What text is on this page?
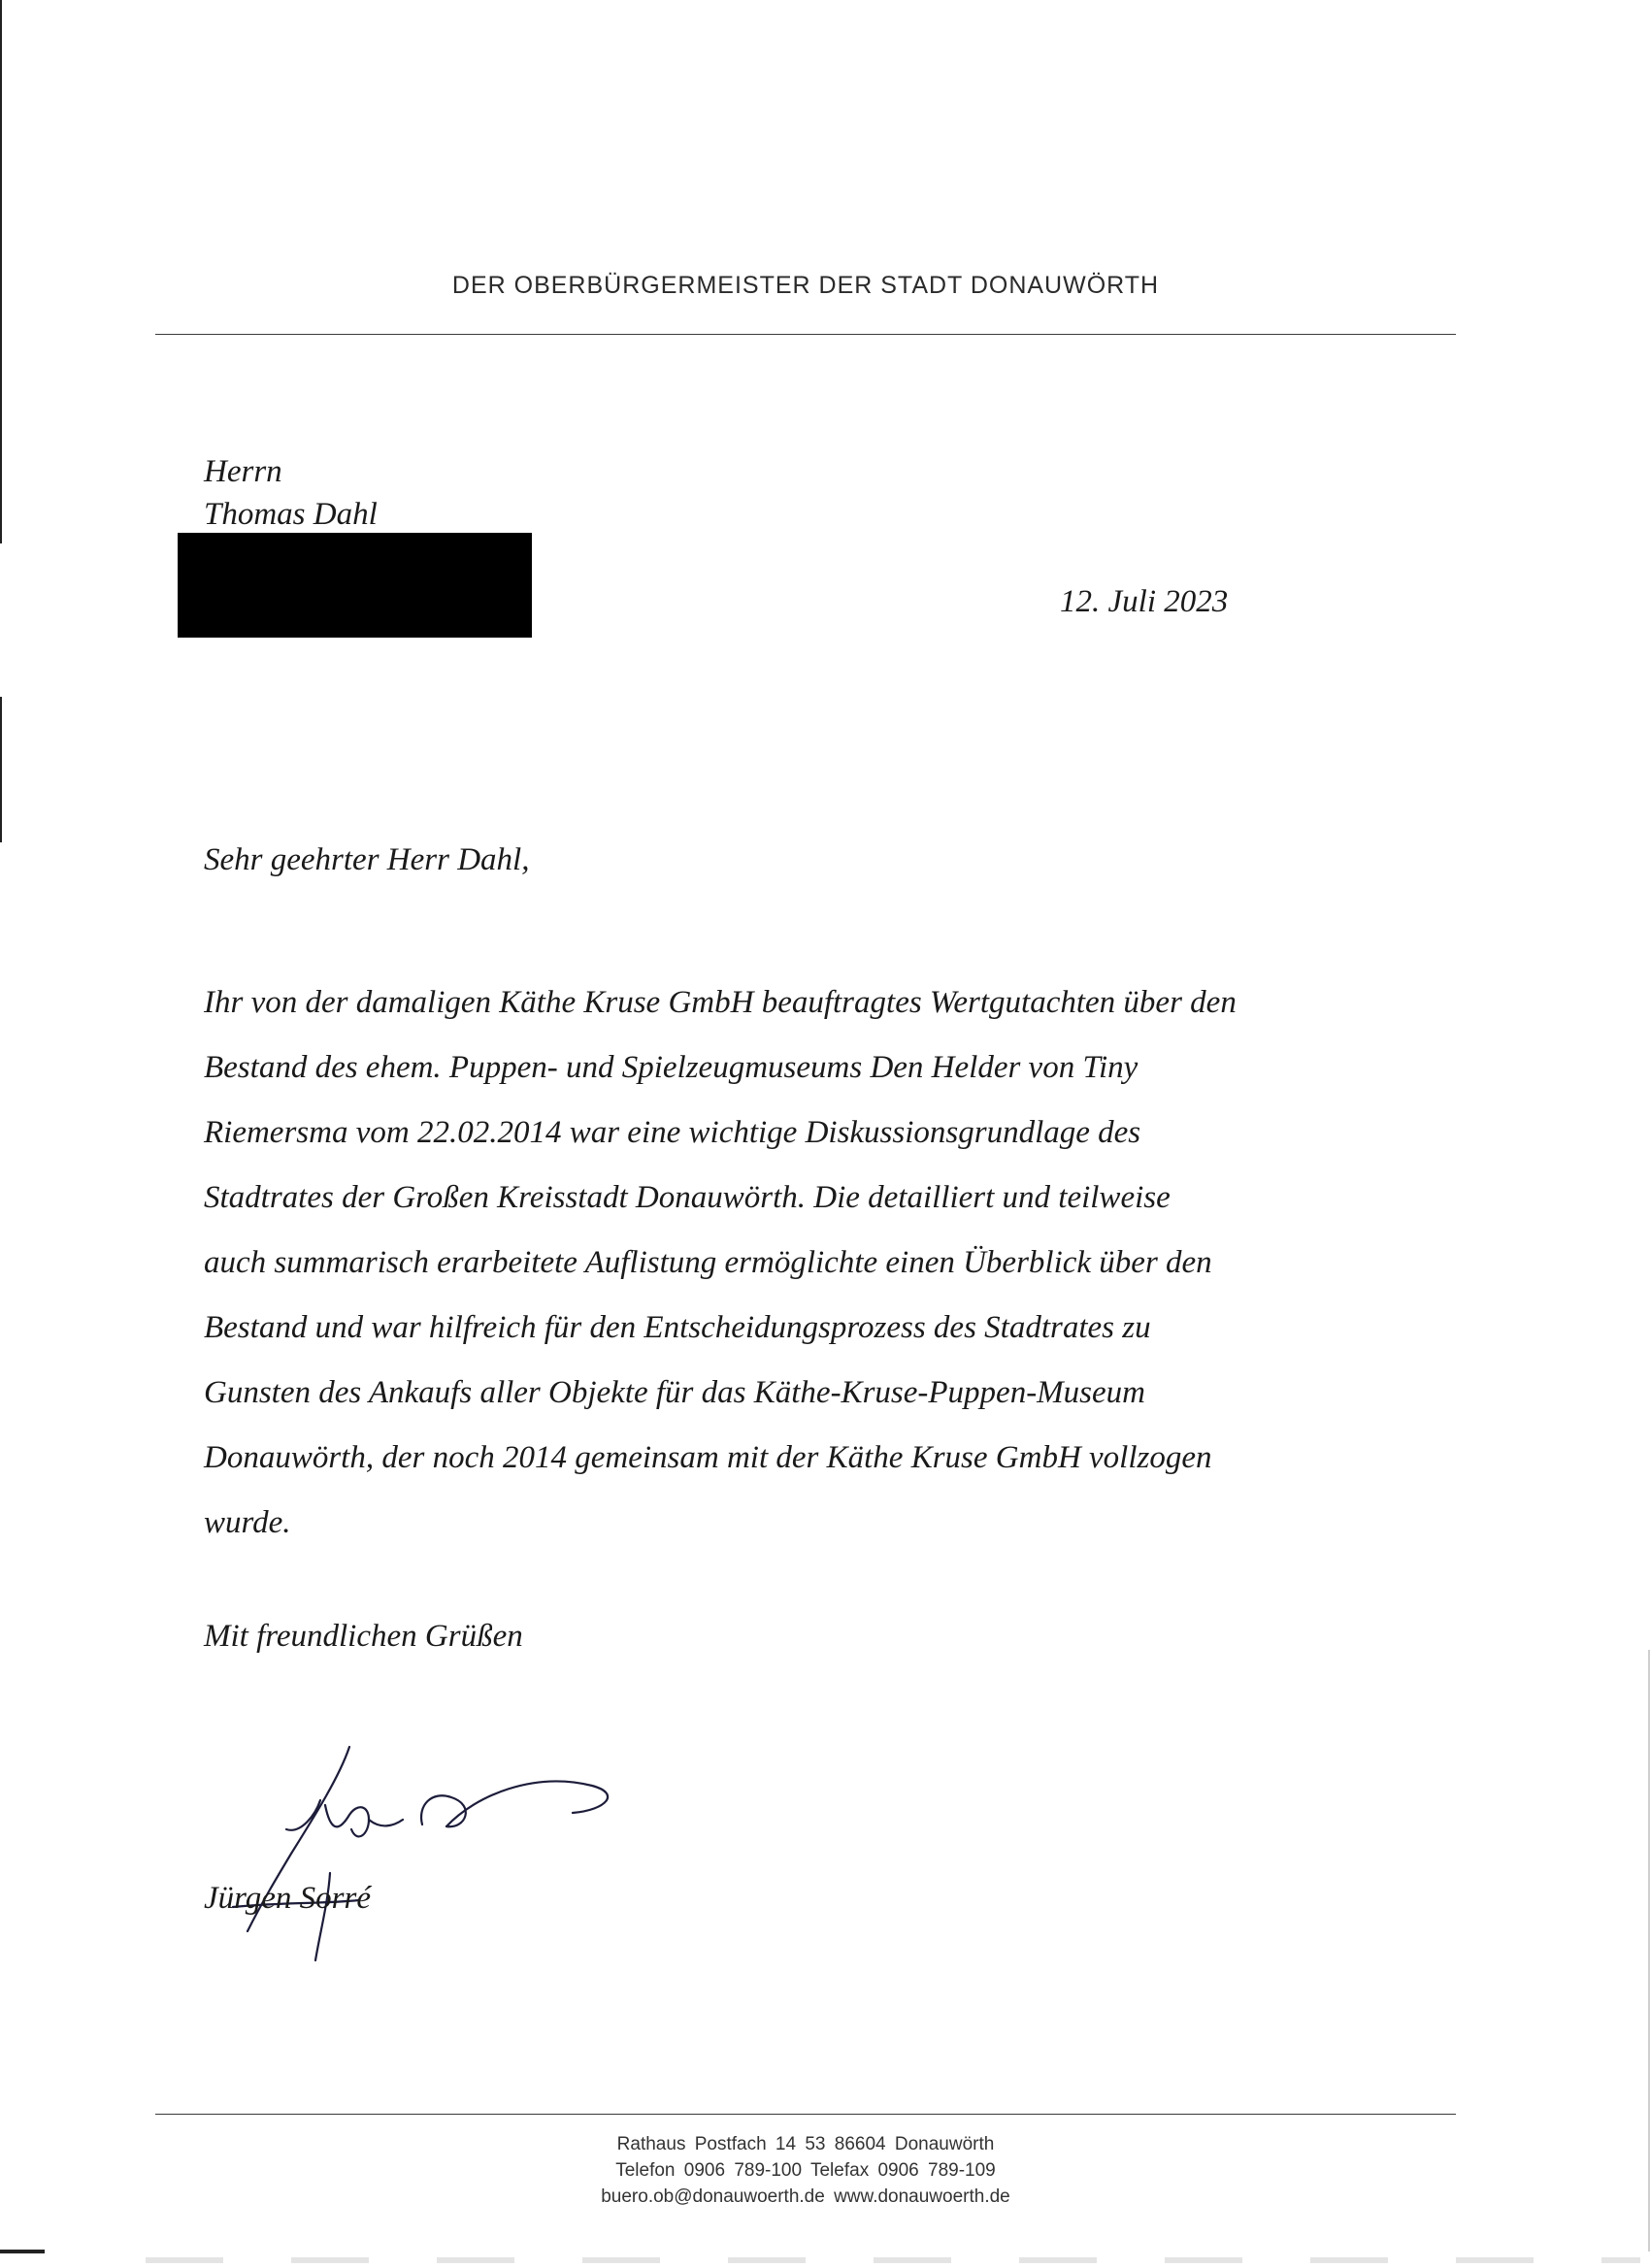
DER OBERBÜRGERMEISTER DER STADT DONAUWÖRTH
Herrn
Thomas Dahl
12. Juli 2023
Sehr geehrter Herr Dahl,
Ihr von der damaligen Käthe Kruse GmbH beauftragtes Wertgutachten über den
Bestand des ehem. Puppen- und Spielzeugmuseums Den Helder von Tiny
Riemersma vom 22.02.2014 war eine wichtige Diskussionsgrundlage des
Stadtrates der Großen Kreisstadt Donauwörth. Die detailliert und teilweise
auch summarisch erarbeitete Auflistung ermöglichte einen Überblick über den
Bestand und war hilfreich für den Entscheidungsprozess des Stadtrates zu
Gunsten des Ankaufs aller Objekte für das Käthe-Kruse-Puppen-Museum
Donauwörth, der noch 2014 gemeinsam mit der Käthe Kruse GmbH vollzogen
wurde.
Mit freundlichen Grüßen
Jürgen Sorré
Rathaus Postfach 14 53 86604 Donauwörth
Telefon 0906 789-100 Telefax 0906 789-109
buero.ob@donauwoerth.de www.donauwoerth.de
